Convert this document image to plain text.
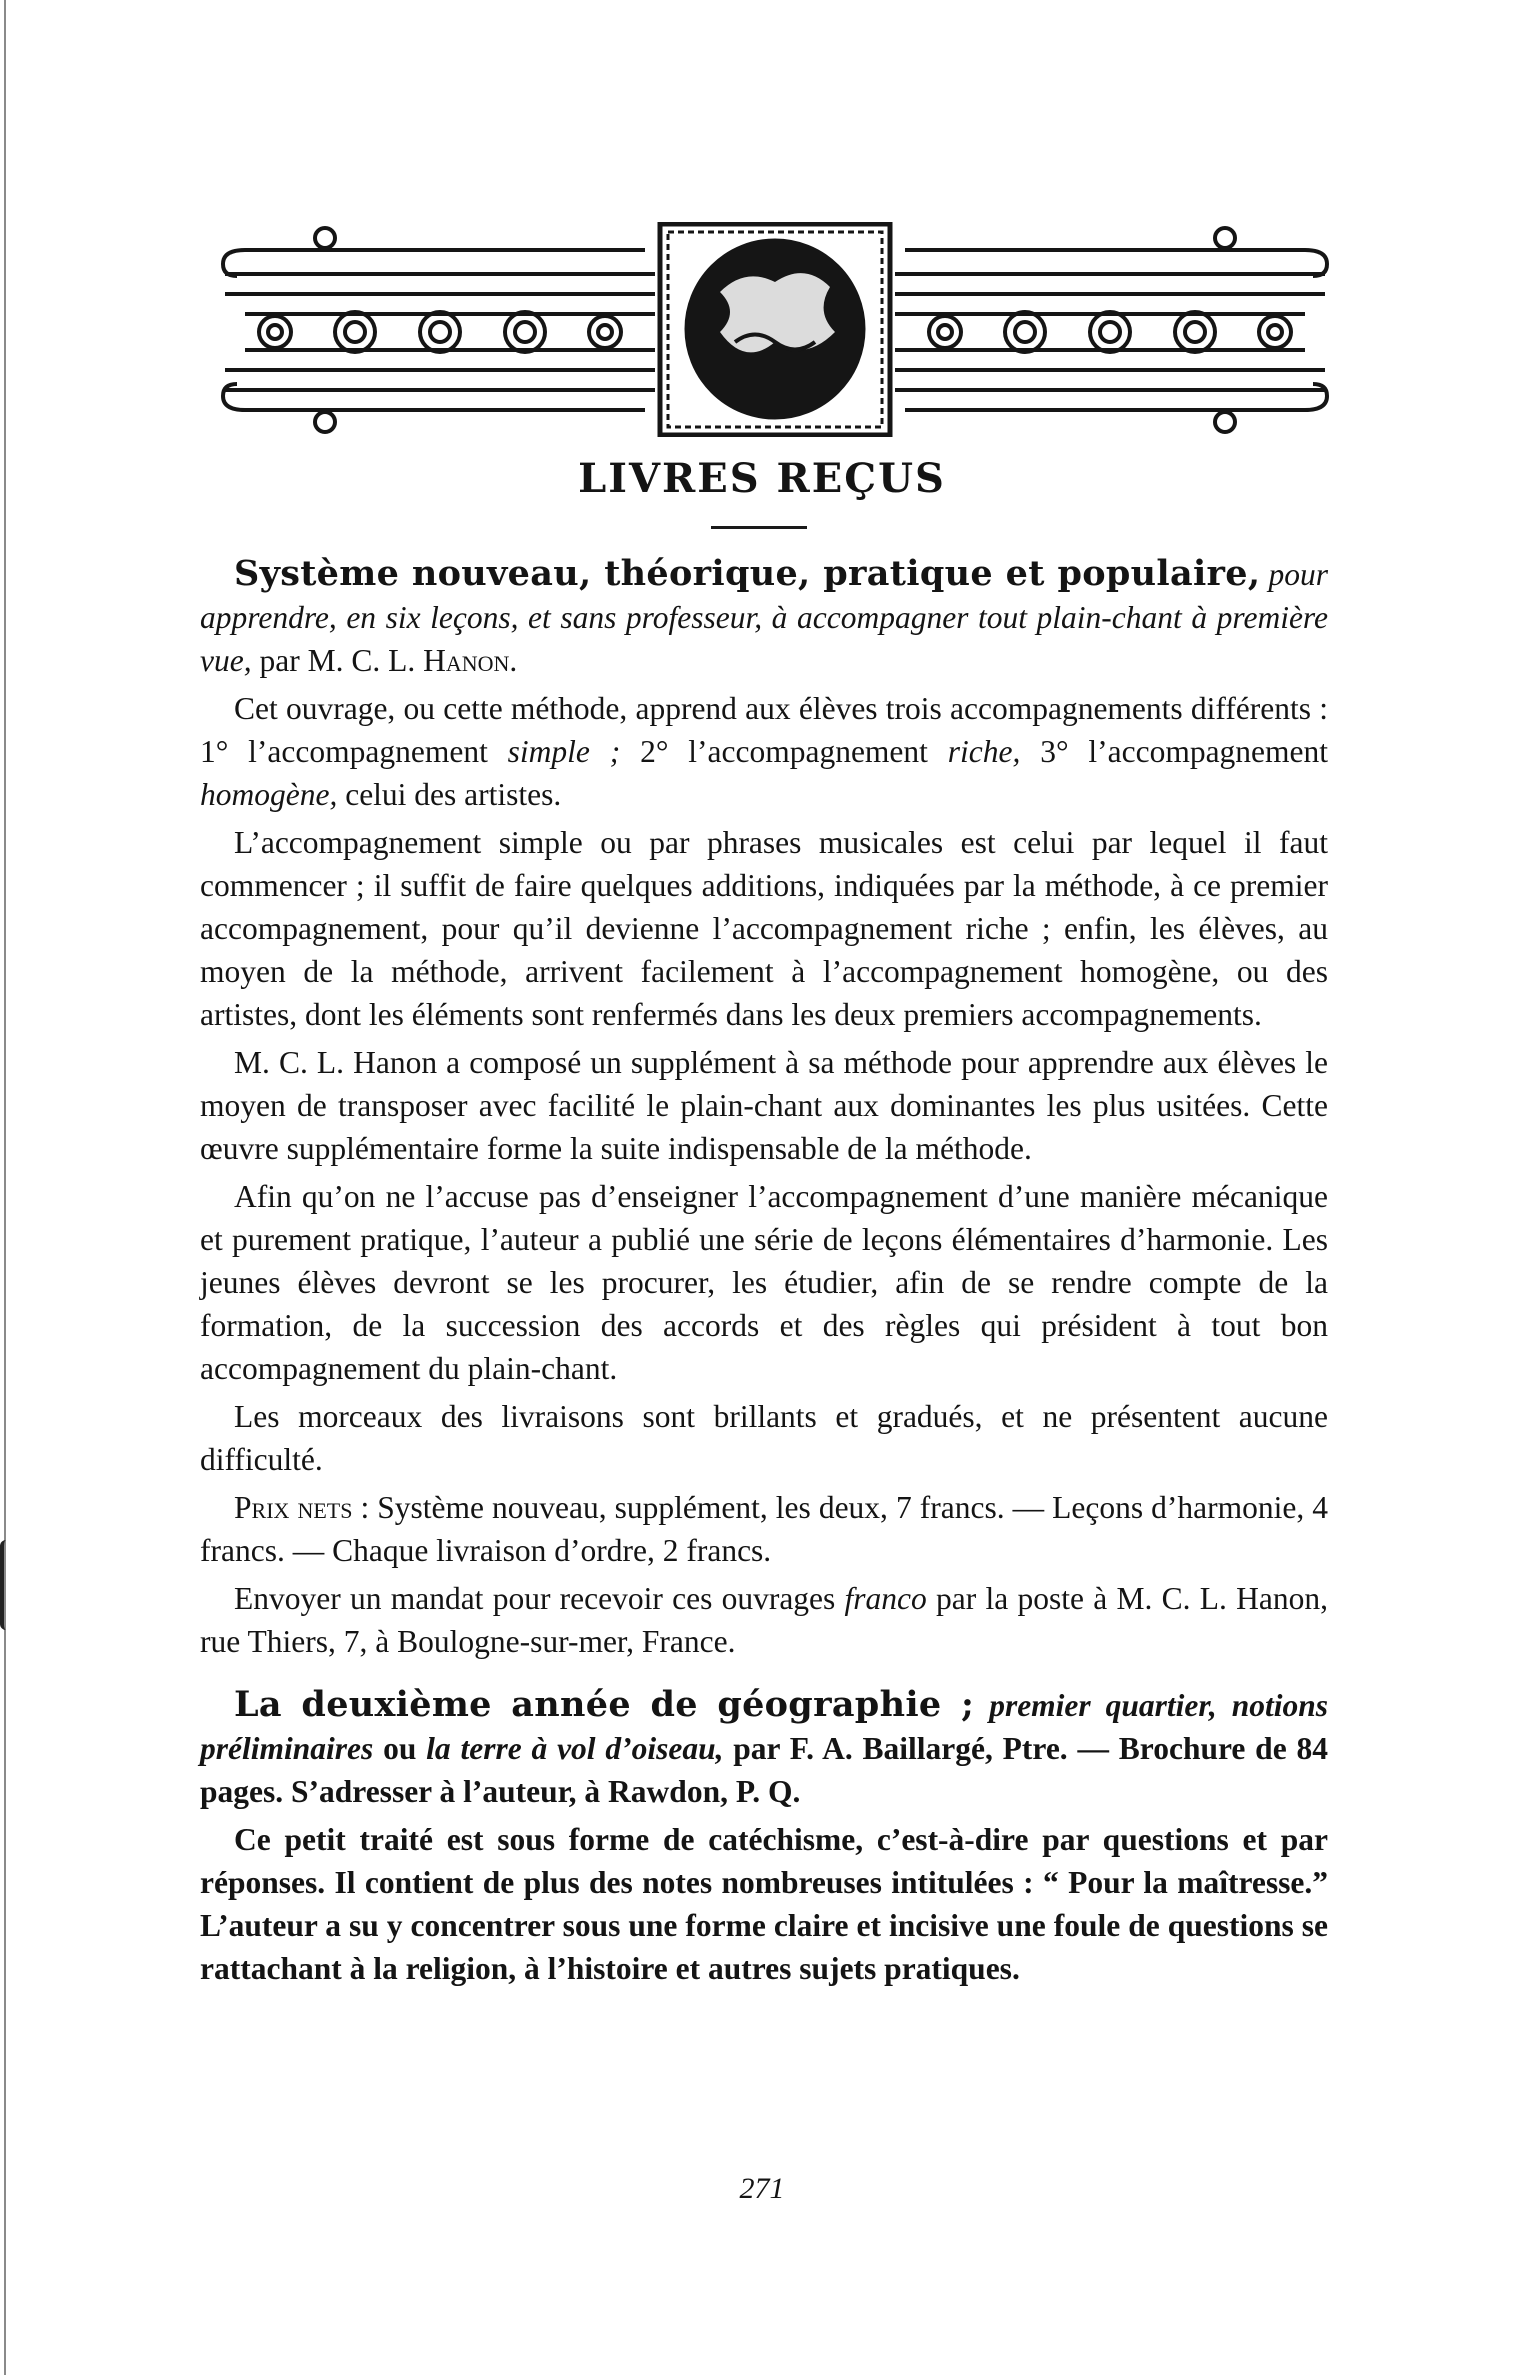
LIVRES REÇUS

Système nouveau, théorique, pratique et populaire, pour apprendre, en six leçons, et sans professeur, à accompagner tout plain-chant à première vue, par M. C. L. Hanon.

Cet ouvrage, ou cette méthode, apprend aux élèves trois accompagnements différents : 1° l’accompagnement simple ; 2° l’accompagnement riche, 3° l’accompagnement homogène, celui des artistes.

L’accompagnement simple ou par phrases musicales est celui par lequel il faut commencer ; il suffit de faire quelques additions, indiquées par la méthode, à ce premier accompagnement, pour qu’il devienne l’accompagnement riche ; enfin, les élèves, au moyen de la méthode, arrivent facilement à l’accompagnement homogène, ou des artistes, dont les éléments sont renfermés dans les deux premiers accompagnements.

M. C. L. Hanon a composé un supplément à sa méthode pour apprendre aux élèves le moyen de transposer avec facilité le plain-chant aux dominantes les plus usitées. Cette œuvre supplémentaire forme la suite indispensable de la méthode.

Afin qu’on ne l’accuse pas d’enseigner l’accompagnement d’une manière mécanique et purement pratique, l’auteur a publié une série de leçons élémentaires d’harmonie. Les jeunes élèves devront se les procurer, les étudier, afin de se rendre compte de la formation, de la succession des accords et des règles qui président à tout bon accompagnement du plain-chant.

Les morceaux des livraisons sont brillants et gradués, et ne présentent aucune difficulté.

Prix nets : Système nouveau, supplément, les deux, 7 francs. — Leçons d’harmonie, 4 francs. — Chaque livraison d’ordre, 2 francs.

Envoyer un mandat pour recevoir ces ouvrages franco par la poste à M. C. L. Hanon, rue Thiers, 7, à Boulogne-sur-mer, France.

La deuxième année de géographie ; premier quartier, notions préliminaires ou la terre à vol d’oiseau, par F. A. Baillargé, Ptre. — Brochure de 84 pages. S’adresser à l’auteur, à Rawdon, P. Q.

Ce petit traité est sous forme de catéchisme, c’est-à-dire par questions et par réponses. Il contient de plus des notes nombreuses intitulées : “ Pour la maîtresse.” L’auteur a su y concentrer sous une forme claire et incisive une foule de questions se rattachant à la religion, à l’histoire et autres sujets pratiques.

271
